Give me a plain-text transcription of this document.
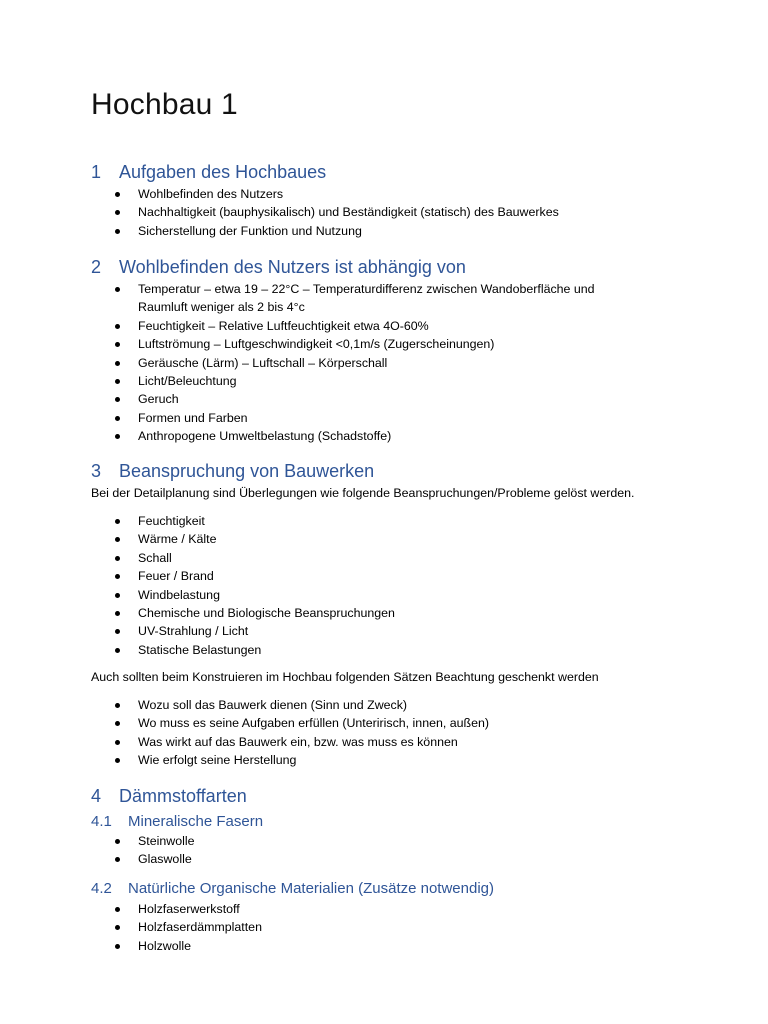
Hochbau 1
1 Aufgaben des Hochbaues
Wohlbefinden des Nutzers
Nachhaltigkeit (bauphysikalisch) und Beständigkeit (statisch) des Bauwerkes
Sicherstellung der Funktion und Nutzung
2 Wohlbefinden des Nutzers ist abhängig von
Temperatur – etwa 19 – 22°C – Temperaturdifferenz zwischen Wandoberfläche und Raumluft weniger als 2 bis 4°c
Feuchtigkeit – Relative Luftfeuchtigkeit etwa 4O-60%
Luftströmung – Luftgeschwindigkeit <0,1m/s (Zugerscheinungen)
Geräusche (Lärm) – Luftschall – Körperschall
Licht/Beleuchtung
Geruch
Formen und Farben
Anthropogene Umweltbelastung (Schadstoffe)
3 Beanspruchung von Bauwerken

Bei der Detailplanung sind Überlegungen wie folgende Beanspruchungen/Probleme gelöst werden.

Feuchtigkeit
Wärme / Kälte
Schall
Feuer / Brand
Windbelastung
Chemische und Biologische Beanspruchungen
UV-Strahlung / Licht
Statische Belastungen

Auch sollten beim Konstruieren im Hochbau folgenden Sätzen Beachtung geschenkt werden

Wozu soll das Bauwerk dienen (Sinn und Zweck)
Wo muss es seine Aufgaben erfüllen (Unteririsch, innen, außen)
Was wirkt auf das Bauwerk ein, bzw. was muss es können
Wie erfolgt seine Herstellung
4 Dämmstoffarten
4.1 Mineralische Fasern
Steinwolle
Glaswolle
4.2 Natürliche Organische Materialien (Zusätze notwendig)
Holzfaserwerkstoff
Holzfaserdämmplatten
Holzwolle
